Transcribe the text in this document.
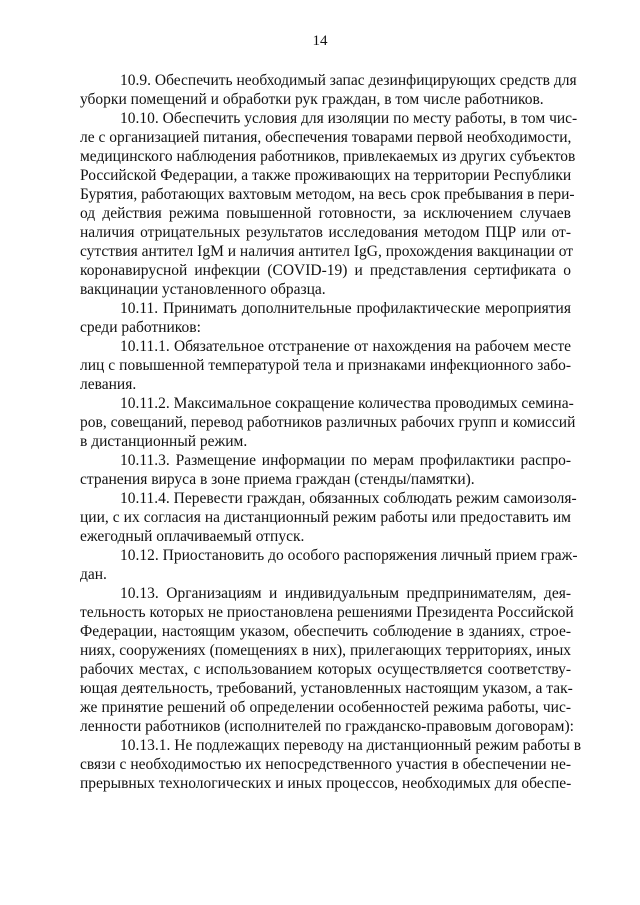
14
10.9. Обеспечить необходимый запас дезинфицирующих средств для
уборки помещений и обработки рук граждан, в том числе работников.
10.10. Обеспечить условия для изоляции по месту работы, в том чис-
ле с организацией питания, обеспечения товарами первой необходимости,
медицинского наблюдения работников, привлекаемых из других субъектов
Российской Федерации, а также проживающих на территории Республики
Бурятия, работающих вахтовым методом, на весь срок пребывания в пери-
од действия режима повышенной готовности, за исключением случаев
наличия отрицательных результатов исследования методом ПЦР или от-
сутствия антител IgM и наличия антител IgG, прохождения вакцинации от
коронавирусной инфекции (COVID-19) и представления сертификата о
вакцинации установленного образца.
10.11. Принимать дополнительные профилактические мероприятия
среди работников:
10.11.1. Обязательное отстранение от нахождения на рабочем месте
лиц с повышенной температурой тела и признаками инфекционного забо-
левания.
10.11.2. Максимальное сокращение количества проводимых семина-
ров, совещаний, перевод работников различных рабочих групп и комиссий
в дистанционный режим.
10.11.3. Размещение информации по мерам профилактики распро-
странения вируса в зоне приема граждан (стенды/памятки).
10.11.4. Перевести граждан, обязанных соблюдать режим самоизоля-
ции, с их согласия на дистанционный режим работы или предоставить им
ежегодный оплачиваемый отпуск.
10.12. Приостановить до особого распоряжения личный прием граж-
дан.
10.13. Организациям и индивидуальным предпринимателям, дея-
тельность которых не приостановлена решениями Президента Российской
Федерации, настоящим указом, обеспечить соблюдение в зданиях, строе-
ниях, сооружениях (помещениях в них), прилегающих территориях, иных
рабочих местах, с использованием которых осуществляется соответству-
ющая деятельность, требований, установленных настоящим указом, а так-
же принятие решений об определении особенностей режима работы, чис-
ленности работников (исполнителей по гражданско-правовым договорам):
10.13.1. Не подлежащих переводу на дистанционный режим работы в
связи с необходимостью их непосредственного участия в обеспечении не-
прерывных технологических и иных процессов, необходимых для обеспе-
